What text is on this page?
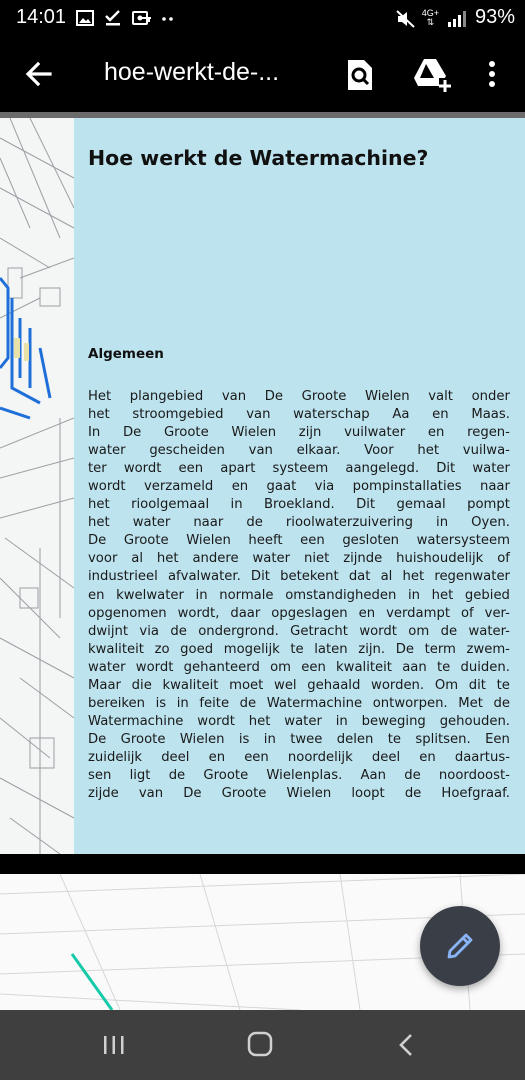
14:01	4G+
⇅ 93%
hoe-werkt-de-...
Hoe werkt de Watermachine?
Algemeen
Het plangebied van De Groote Wielen valt onder
het stroomgebied van waterschap Aa en Maas.
In De Groote Wielen zijn vuilwater en regen-
water gescheiden van elkaar. Voor het vuilwa-
ter wordt een apart systeem aangelegd. Dit water
wordt verzameld en gaat via pompinstallaties naar
het rioolgemaal in Broekland. Dit gemaal pompt
het water naar de rioolwaterzuivering in Oyen.
De Groote Wielen heeft een gesloten watersysteem
voor al het andere water niet zijnde huishoudelijk of
industrieel afvalwater. Dit betekent dat al het regenwater
en kwelwater in normale omstandigheden in het gebied
opgenomen wordt, daar opgeslagen en verdampt of ver-
dwijnt via de ondergrond. Getracht wordt om de water-
kwaliteit zo goed mogelijk te laten zijn. De term zwem-
water wordt gehanteerd om een kwaliteit aan te duiden.
Maar die kwaliteit moet wel gehaald worden. Om dit te
bereiken is in feite de Watermachine ontworpen. Met de
Watermachine wordt het water in beweging gehouden.
De Groote Wielen is in twee delen te splitsen. Een
zuidelijk deel en een noordelijk deel en daartus-
sen ligt de Groote Wielenplas. Aan de noordoost-
zijde van De Groote Wielen loopt de Hoefgraaf.
